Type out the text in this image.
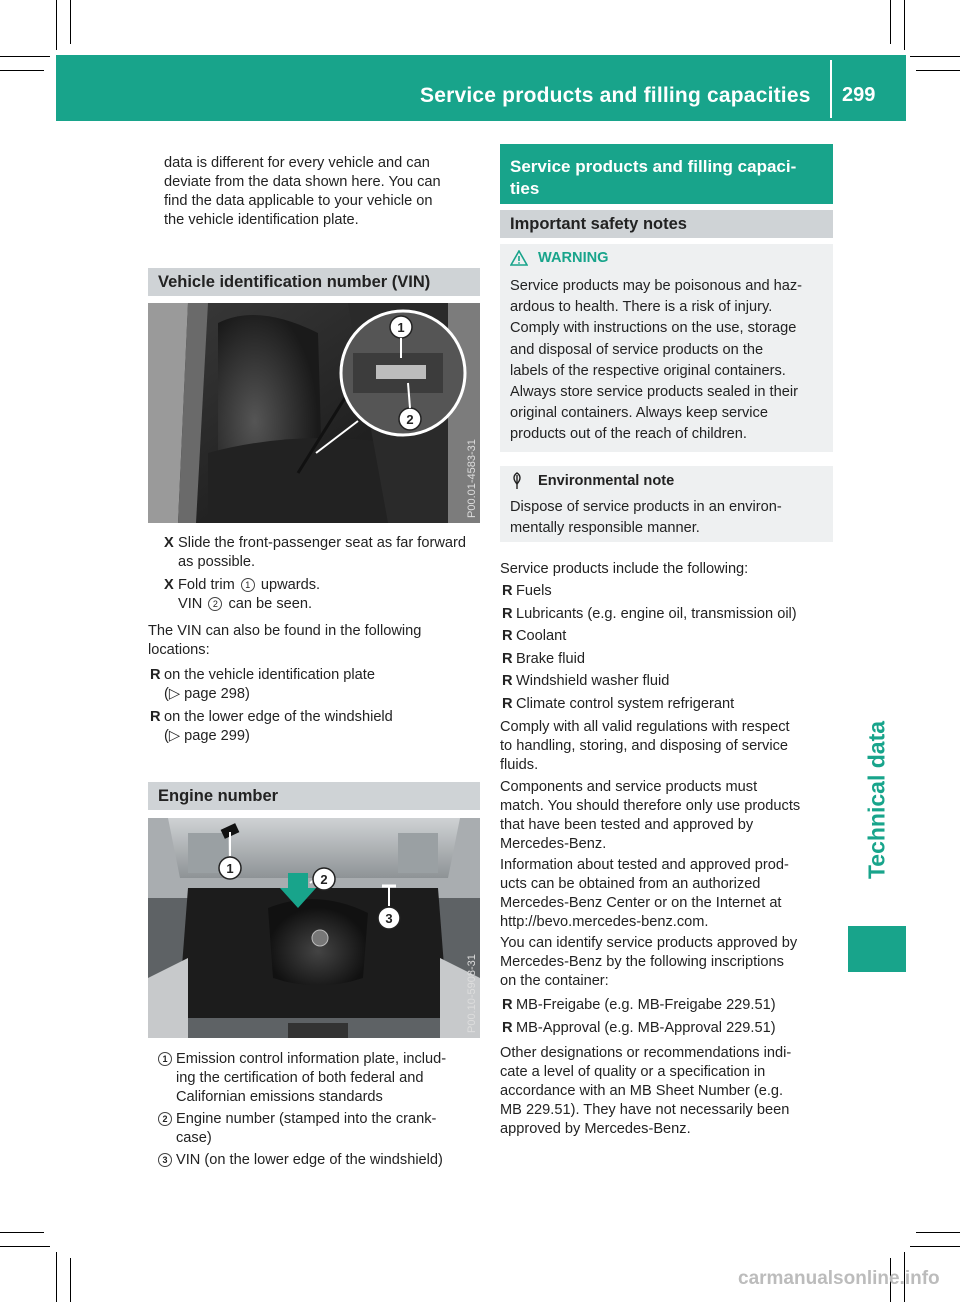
Service products and filling capacities 299
Technical data
data is different for every vehicle and can
deviate from the data shown here. You can
find the data applicable to your vehicle on
the vehicle identification plate.
Vehicle identification number (VIN)
1
2
P00.01-4583-31
X Slide the front-passenger seat as far forward
as possible.
X Fold trim 1 upwards.
VIN 2 can be seen.
The VIN can also be found in the following
locations:
R on the vehicle identification plate
(▷ page 298)
R on the lower edge of the windshield
(▷ page 299)
Engine number
1
2
3
P00.10-5908-31
1 Emission control information plate, includ-
ing the certification of both federal and
Californian emissions standards
2 Engine number (stamped into the crank-
case)
3 VIN (on the lower edge of the windshield)
Service products and filling capaci-
ties
Important safety notes
WARNING
Service products may be poisonous and haz-
ardous to health. There is a risk of injury.
Comply with instructions on the use, storage
and disposal of service products on the
labels of the respective original containers.
Always store service products sealed in their
original containers. Always keep service
products out of the reach of children.
Environmental note
Dispose of service products in an environ-
mentally responsible manner.
Service products include the following:
R Fuels
R Lubricants (e.g. engine oil, transmission oil)
R Coolant
R Brake fluid
R Windshield washer fluid
R Climate control system refrigerant
Comply with all valid regulations with respect
to handling, storing, and disposing of service
fluids.
Components and service products must
match. You should therefore only use products
that have been tested and approved by
Mercedes-Benz.
Information about tested and approved prod-
ucts can be obtained from an authorized
Mercedes-Benz Center or on the Internet at
http://bevo.mercedes-benz.com.
You can identify service products approved by
Mercedes-Benz by the following inscriptions
on the container:
R MB-Freigabe (e.g. MB-Freigabe 229.51)
R MB-Approval (e.g. MB-Approval 229.51)
Other designations or recommendations indi-
cate a level of quality or a specification in
accordance with an MB Sheet Number (e.g.
MB 229.51). They have not necessarily been
approved by Mercedes-Benz.
carmanualsonline.info
